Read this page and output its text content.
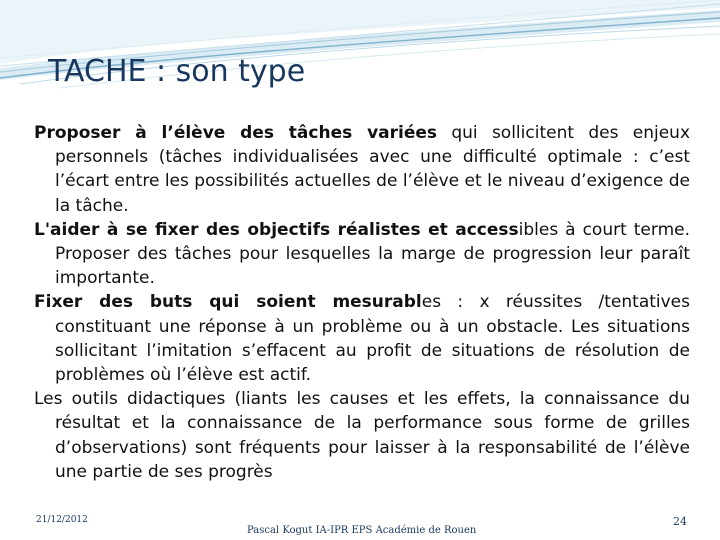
TACHE : son type

Proposer à l’élève des tâches variées qui sollicitent des enjeux personnels (tâches individualisées avec une difficulté optimale : c’est l’écart entre les possibilités actuelles de l’élève et le niveau d’exigence de la tâche.

L'aider à se fixer des objectifs réalistes et accessibles à court terme. Proposer des tâches pour lesquelles la marge de progression leur paraît importante.

Fixer des buts qui soient mesurables : x réussites /tentatives constituant une réponse à un problème ou à un obstacle. Les situations sollicitant l’imitation s’effacent au profit de situations de résolution de problèmes où l’élève est actif.

Les outils didactiques (liants les causes et les effets, la connaissance du résultat et la connaissance de la performance sous forme de grilles d’observations) sont fréquents pour laisser à la responsabilité de l’élève une partie de ses progrès

21/12/2012
Pascal Kogut IA-IPR EPS Académie de Rouen
24
